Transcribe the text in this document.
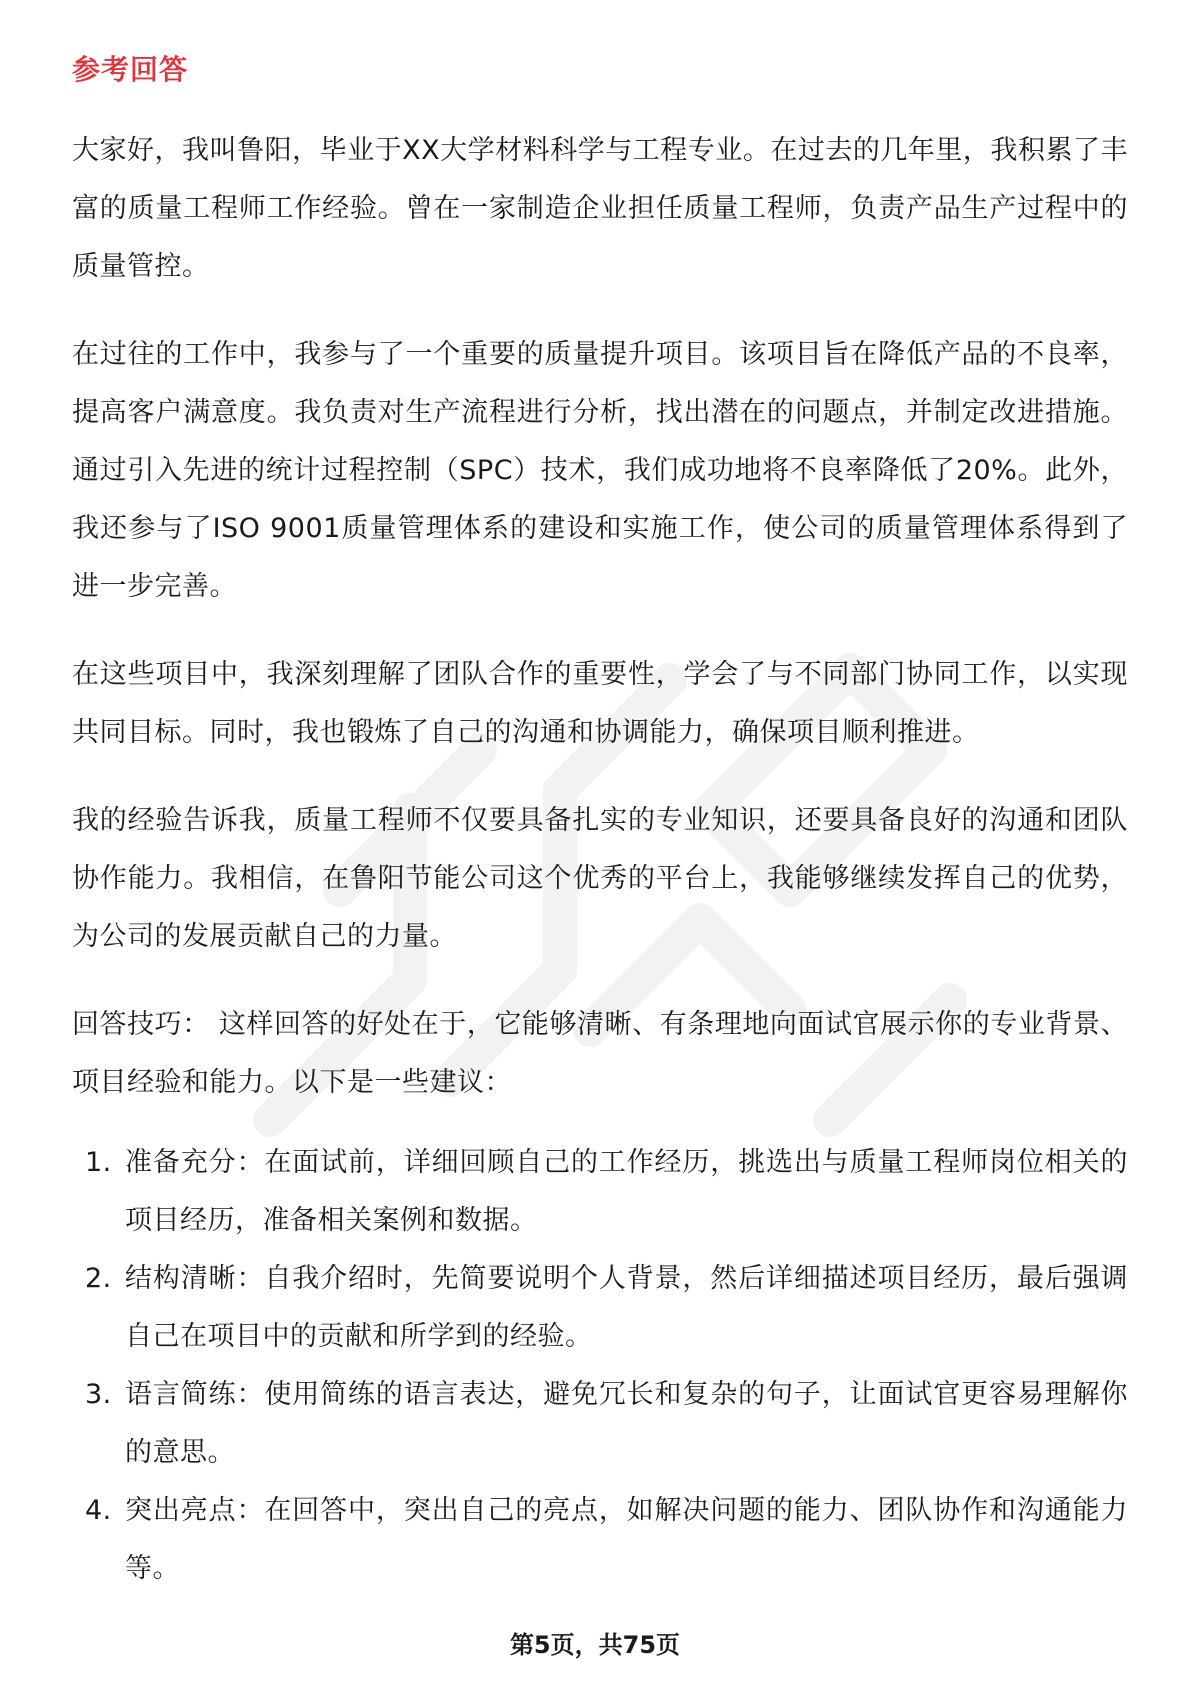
参考回答

大家好，我叫鲁阳，毕业于XX大学材料科学与工程专业。在过去的几年里，我积累了丰富的质量工程师工作经验。曾在一家制造企业担任质量工程师，负责产品生产过程中的质量管控。

在过往的工作中，我参与了一个重要的质量提升项目。该项目旨在降低产品的不良率，提高客户满意度。我负责对生产流程进行分析，找出潜在的问题点，并制定改进措施。通过引入先进的统计过程控制（SPC）技术，我们成功地将不良率降低了20%。此外，我还参与了ISO 9001质量管理体系的建设和实施工作，使公司的质量管理体系得到了进一步完善。

在这些项目中，我深刻理解了团队合作的重要性，学会了与不同部门协同工作，以实现共同目标。同时，我也锻炼了自己的沟通和协调能力，确保项目顺利推进。

我的经验告诉我，质量工程师不仅要具备扎实的专业知识，还要具备良好的沟通和团队协作能力。我相信，在鲁阳节能公司这个优秀的平台上，我能够继续发挥自己的优势，为公司的发展贡献自己的力量。

回答技巧： 这样回答的好处在于，它能够清晰、有条理地向面试官展示你的专业背景、项目经验和能力。以下是一些建议：

1. 准备充分：在面试前，详细回顾自己的工作经历，挑选出与质量工程师岗位相关的项目经历，准备相关案例和数据。
2. 结构清晰：自我介绍时，先简要说明个人背景，然后详细描述项目经历，最后强调自己在项目中的贡献和所学到的经验。
3. 语言简练：使用简练的语言表达，避免冗长和复杂的句子，让面试官更容易理解你的意思。
4. 突出亮点：在回答中，突出自己的亮点，如解决问题的能力、团队协作和沟通能力等。
第5页，共75页
